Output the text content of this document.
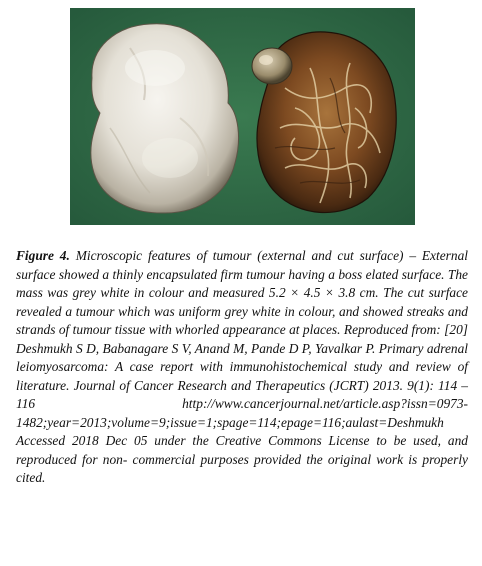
Figure 4. Microscopic features of tumour (external and cut surface) – External surface showed a thinly encapsulated firm tumour having a boss elated surface. The mass was grey white in colour and measured 5.2 × 4.5 × 3.8 cm. The cut surface revealed a tumour which was uniform grey white in colour, and showed streaks and strands of tumour tissue with whorled appearance at places. Reproduced from: [20] Deshmukh S D, Babanagare S V, Anand M, Pande D P, Yavalkar P. Primary adrenal leiomyosarcoma: A case report with immunohistochemical study and review of literature. Journal of Cancer Research and Therapeutics (JCRT) 2013. 9(1): 114 – 116 http://www.cancerjournal.net/article.asp?issn=0973-1482;year=2013;volume=9;issue=1;spage=114;epage=116;aulast=Deshmukh Accessed 2018 Dec 05 under the Creative Commons License to be used, and reproduced for non- commercial purposes provided the original work is properly cited.
